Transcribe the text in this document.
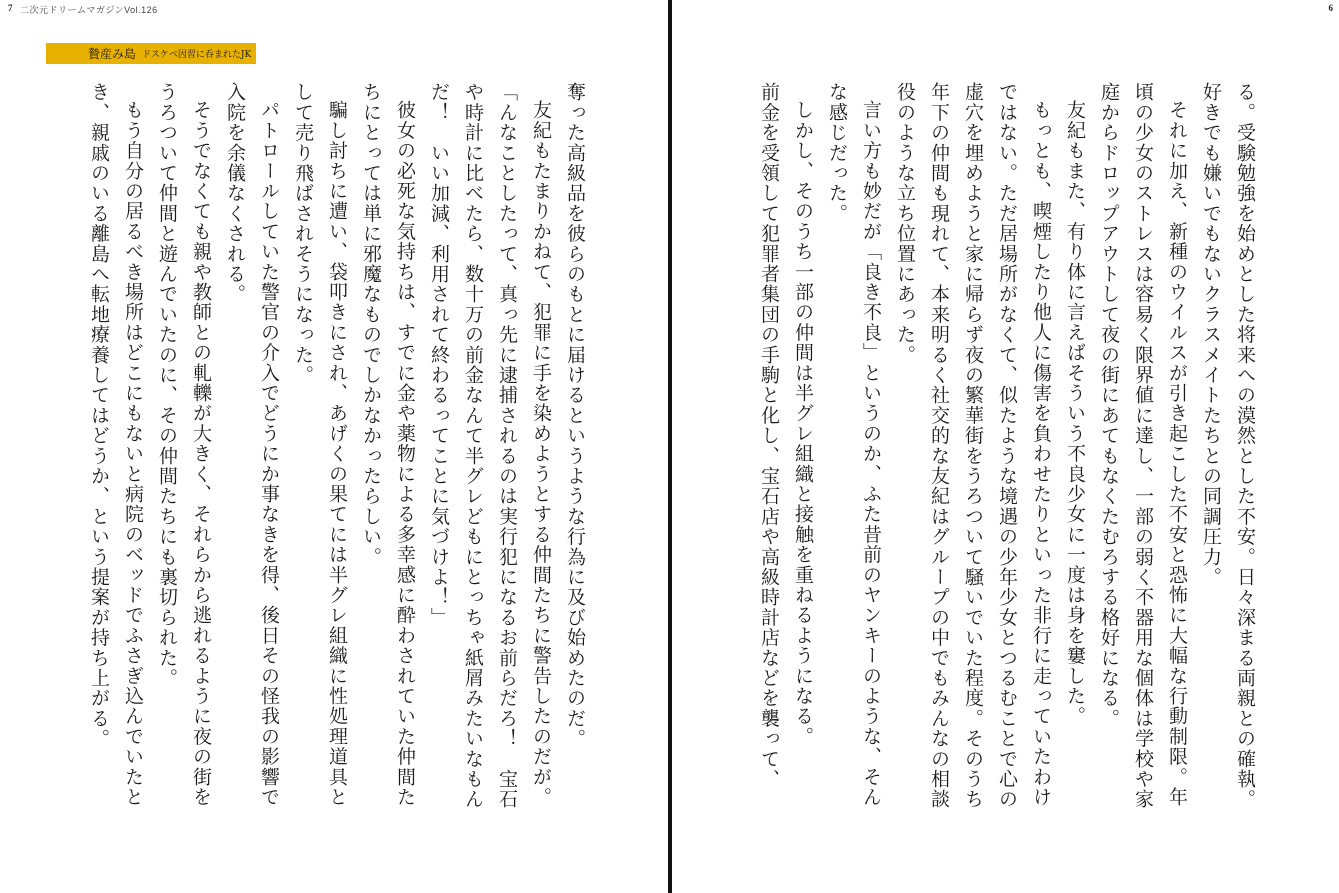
7 二次元ドリームマガジンVol.126
贄産み島 ドスケベ因習に呑まれたJK
奪った高級品を彼らのもとに届けるというような行為に及び始めたのだ。
友紀もたまりかねて、犯罪に手を染めようとする仲間たちに警告したのだが。
「んなことしたって、真っ先に逮捕されるのは実行犯になるお前らだろ！　宝石
や時計に比べたら、数十万の前金なんて半グレどもにとっちゃ紙屑みたいなもん
だ！　いい加減、利用されて終わるってことに気づけよ！」
彼女の必死な気持ちは、すでに金や薬物による多幸感に酔わされていた仲間た
ちにとっては単に邪魔なものでしかなかったらしい。
騙し討ちに遭い、袋叩きにされ、あげくの果てには半グレ組織に性処理道具と
して売り飛ばされそうになった。
パトロールしていた警官の介入でどうにか事なきを得、後日その怪我の影響で
入院を余儀なくされる。
そうでなくても親や教師との軋轢が大きく、それらから逃れるように夜の街を
うろついて仲間と遊んでいたのに、その仲間たちにも裏切られた。
もう自分の居るべき場所はどこにもないと病院のベッドでふさぎ込んでいたと
き、親戚のいる離島へ転地療養してはどうか、という提案が持ち上がる。
6
る。受験勉強を始めとした将来への漠然とした不安。日々深まる両親との確執。
好きでも嫌いでもないクラスメイトたちとの同調圧力。
それに加え、新種のウイルスが引き起こした不安と恐怖に大幅な行動制限。年
頃の少女のストレスは容易く限界値に達し、一部の弱く不器用な個体は学校や家
庭からドロップアウトして夜の街にあてもなくたむろする格好になる。
友紀もまた、有り体に言えばそういう不良少女に一度は身を窶した。
もっとも、喫煙したり他人に傷害を負わせたりといった非行に走っていたわけ
ではない。ただ居場所がなくて、似たような境遇の少年少女とつるむことで心の
虚穴を埋めようと家に帰らず夜の繁華街をうろついて騒いでいた程度。そのうち
年下の仲間も現れて、本来明るく社交的な友紀はグループの中でもみんなの相談
役のような立ち位置にあった。
言い方も妙だが「良き不良」というのか、ふた昔前のヤンキーのような、そん
な感じだった。
しかし、そのうち一部の仲間は半グレ組織と接触を重ねるようになる。
前金を受領して犯罪者集団の手駒と化し、宝石店や高級時計店などを襲って、
